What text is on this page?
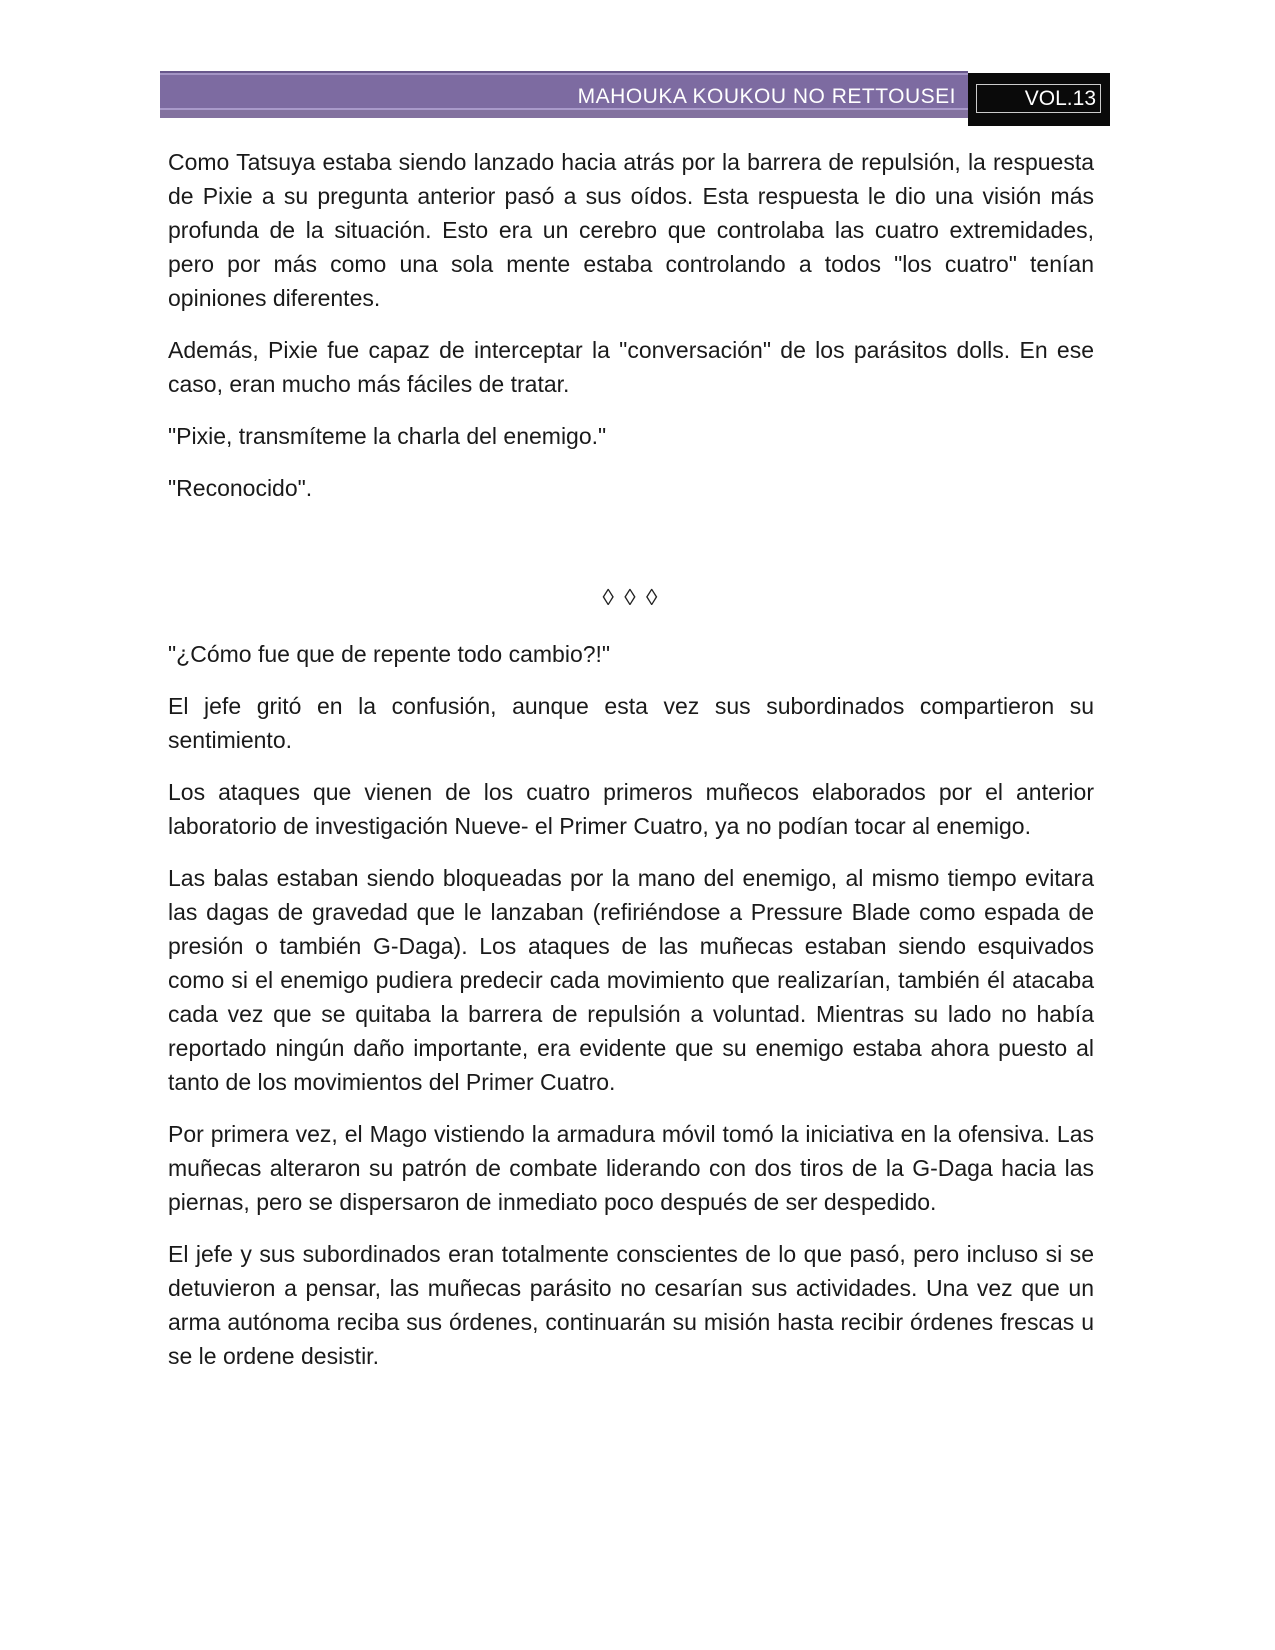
MAHOUKA KOUKOU NO RETTOUSEI	VOL.13

Como Tatsuya estaba siendo lanzado hacia atrás por la barrera de repulsión, la respuesta de Pixie a su pregunta anterior pasó a sus oídos. Esta respuesta le dio una visión más profunda de la situación. Esto era un cerebro que controlaba las cuatro extremidades, pero por más como una sola mente estaba controlando a todos "los cuatro" tenían opiniones diferentes.

Además, Pixie fue capaz de interceptar la "conversación" de los parásitos dolls. En ese caso, eran mucho más fáciles de tratar.

"Pixie, transmíteme la charla del enemigo."

"Reconocido".

◊ ◊ ◊

"¿Cómo fue que de repente todo cambio?!"

El jefe gritó en la confusión, aunque esta vez sus subordinados compartieron su sentimiento.

Los ataques que vienen de los cuatro primeros muñecos elaborados por el anterior laboratorio de investigación Nueve- el Primer Cuatro, ya no podían tocar al enemigo.

Las balas estaban siendo bloqueadas por la mano del enemigo, al mismo tiempo evitara las dagas de gravedad que le lanzaban (refiriéndose a Pressure Blade como espada de presión o también G-Daga). Los ataques de las muñecas estaban siendo esquivados como si el enemigo pudiera predecir cada movimiento que realizarían, también él atacaba cada vez que se quitaba la barrera de repulsión a voluntad. Mientras su lado no había reportado ningún daño importante, era evidente que su enemigo estaba ahora puesto al tanto de los movimientos del Primer Cuatro.

Por primera vez, el Mago vistiendo la armadura móvil tomó la iniciativa en la ofensiva. Las muñecas alteraron su patrón de combate liderando con dos tiros de la G-Daga hacia las piernas, pero se dispersaron de inmediato poco después de ser despedido.

El jefe y sus subordinados eran totalmente conscientes de lo que pasó, pero incluso si se detuvieron a pensar, las muñecas parásito no cesarían sus actividades. Una vez que un arma autónoma reciba sus órdenes, continuarán su misión hasta recibir órdenes frescas u se le ordene desistir.
